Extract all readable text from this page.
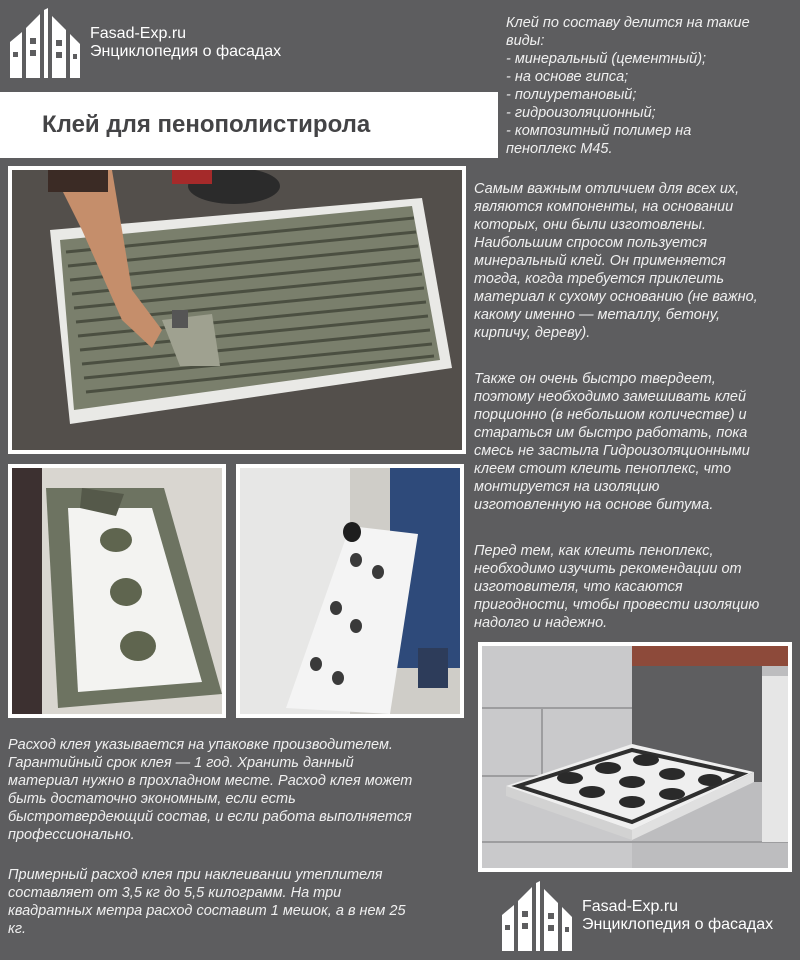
Fasad-Exp.ru
Энциклопедия о фасадах
Клей для пенополистирола

Клей по составу делится на такие
виды:
- минеральный (цементный);
- на основе гипса;
- полиуретановый;
- гидроизоляционный;
- композитный полимер на
пеноплекс М45.

Самым важным отличием для всех их,
являются компоненты, на основании
которых, они были изготовлены.
Наибольшим спросом пользуется
минеральный клей. Он применяется
тогда, когда требуется приклеить
материал к сухому основанию (не важно,
какому именно — металлу, бетону,
кирпичу, дереву).

Также он очень быстро твердеет,
поэтому необходимо замешивать клей
порционно (в небольшом количестве) и
стараться им быстро работать, пока
смесь не застыла Гидроизоляционными
клеем стоит клеить пеноплекс, что
монтируется на изоляцию
изготовленную на основе битума.

Перед тем, как клеить пеноплекс,
необходимо изучить рекомендации от
изготовителя, что касаются
пригодности, чтобы провести изоляцию
надолго и надежно.

Расход клея указывается на упаковке производителем.
Гарантийный срок клея — 1 год. Хранить данный
материал нужно в прохладном месте. Расход клея может
быть достаточно экономным, если есть
быстротвердеющий состав, и если работа выполняется
профессионально.

Примерный расход клея при наклеивании утеплителя
составляет от 3,5 кг до 5,5 килограмм. На три
квадратных метра расход составит 1 мешок, а в нем 25
кг.

Fasad-Exp.ru
Энциклопедия о фасадах
